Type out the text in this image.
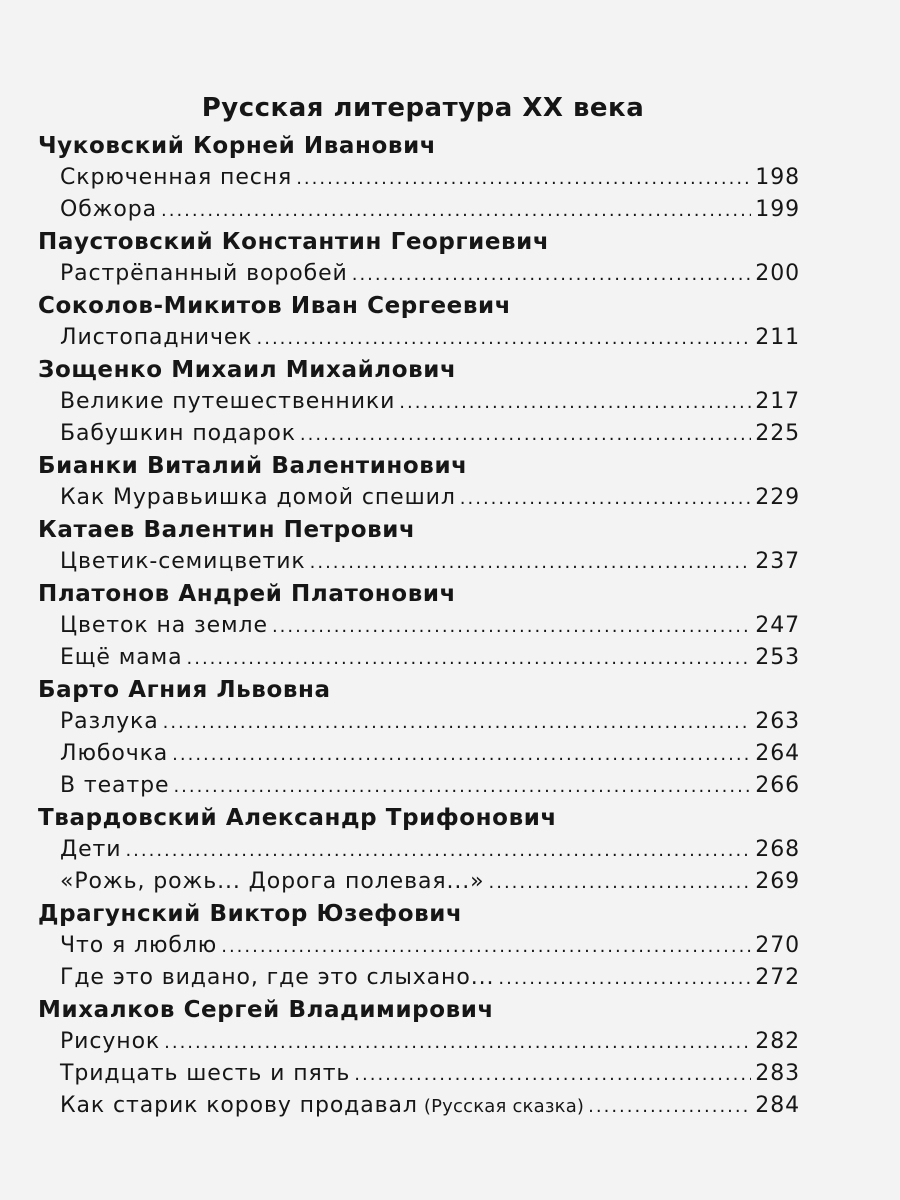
Русская литература XX века
Чуковский Корней Иванович
Скрюченная песня .....	198
Обжора .....	199
Паустовский Константин Георгиевич
Растрёпанный воробей .....	200
Соколов-Микитов Иван Сергеевич
Листопадничек .....	211
Зощенко Михаил Михайлович
Великие путешественники .....	217
Бабушкин подарок .....	225
Бианки Виталий Валентинович
Как Муравьишка домой спешил .....	229
Катаев Валентин Петрович
Цветик-семицветик .....	237
Платонов Андрей Платонович
Цветок на земле .....	247
Ещё мама .....	253
Барто Агния Львовна
Разлука .....	263
Любочка .....	264
В театре .....	266
Твардовский Александр Трифонович
Дети .....	268
«Рожь, рожь... Дорога полевая...» .....	269
Драгунский Виктор Юзефович
Что я люблю .....	270
Где это видано, где это слыхано... .....	272
Михалков Сергей Владимирович
Рисунок .....	282
Тридцать шесть и пять .....	283
Как старик корову продавал (Русская сказка) .....	284
